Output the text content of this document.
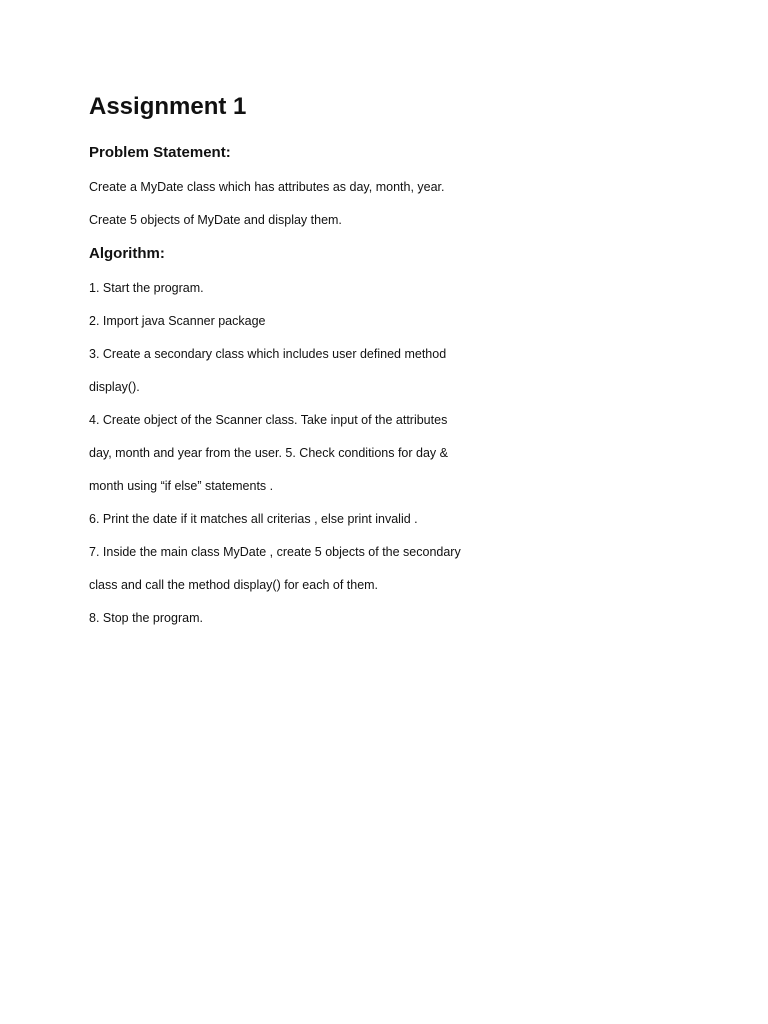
Assignment 1
Problem Statement:

Create a MyDate class which has attributes as day, month, year.

Create 5 objects of MyDate and display them.

Algorithm:

1. Start the program.

2. Import java Scanner package

3. Create a secondary class which includes user defined method

display().

4. Create object of the Scanner class. Take input of the attributes

day, month and year from the user. 5. Check conditions for day &

month using “if else” statements .

6. Print the date if it matches all criterias , else print invalid .

7. Inside the main class MyDate , create 5 objects of the secondary

class and call the method display() for each of them.

8. Stop the program.
